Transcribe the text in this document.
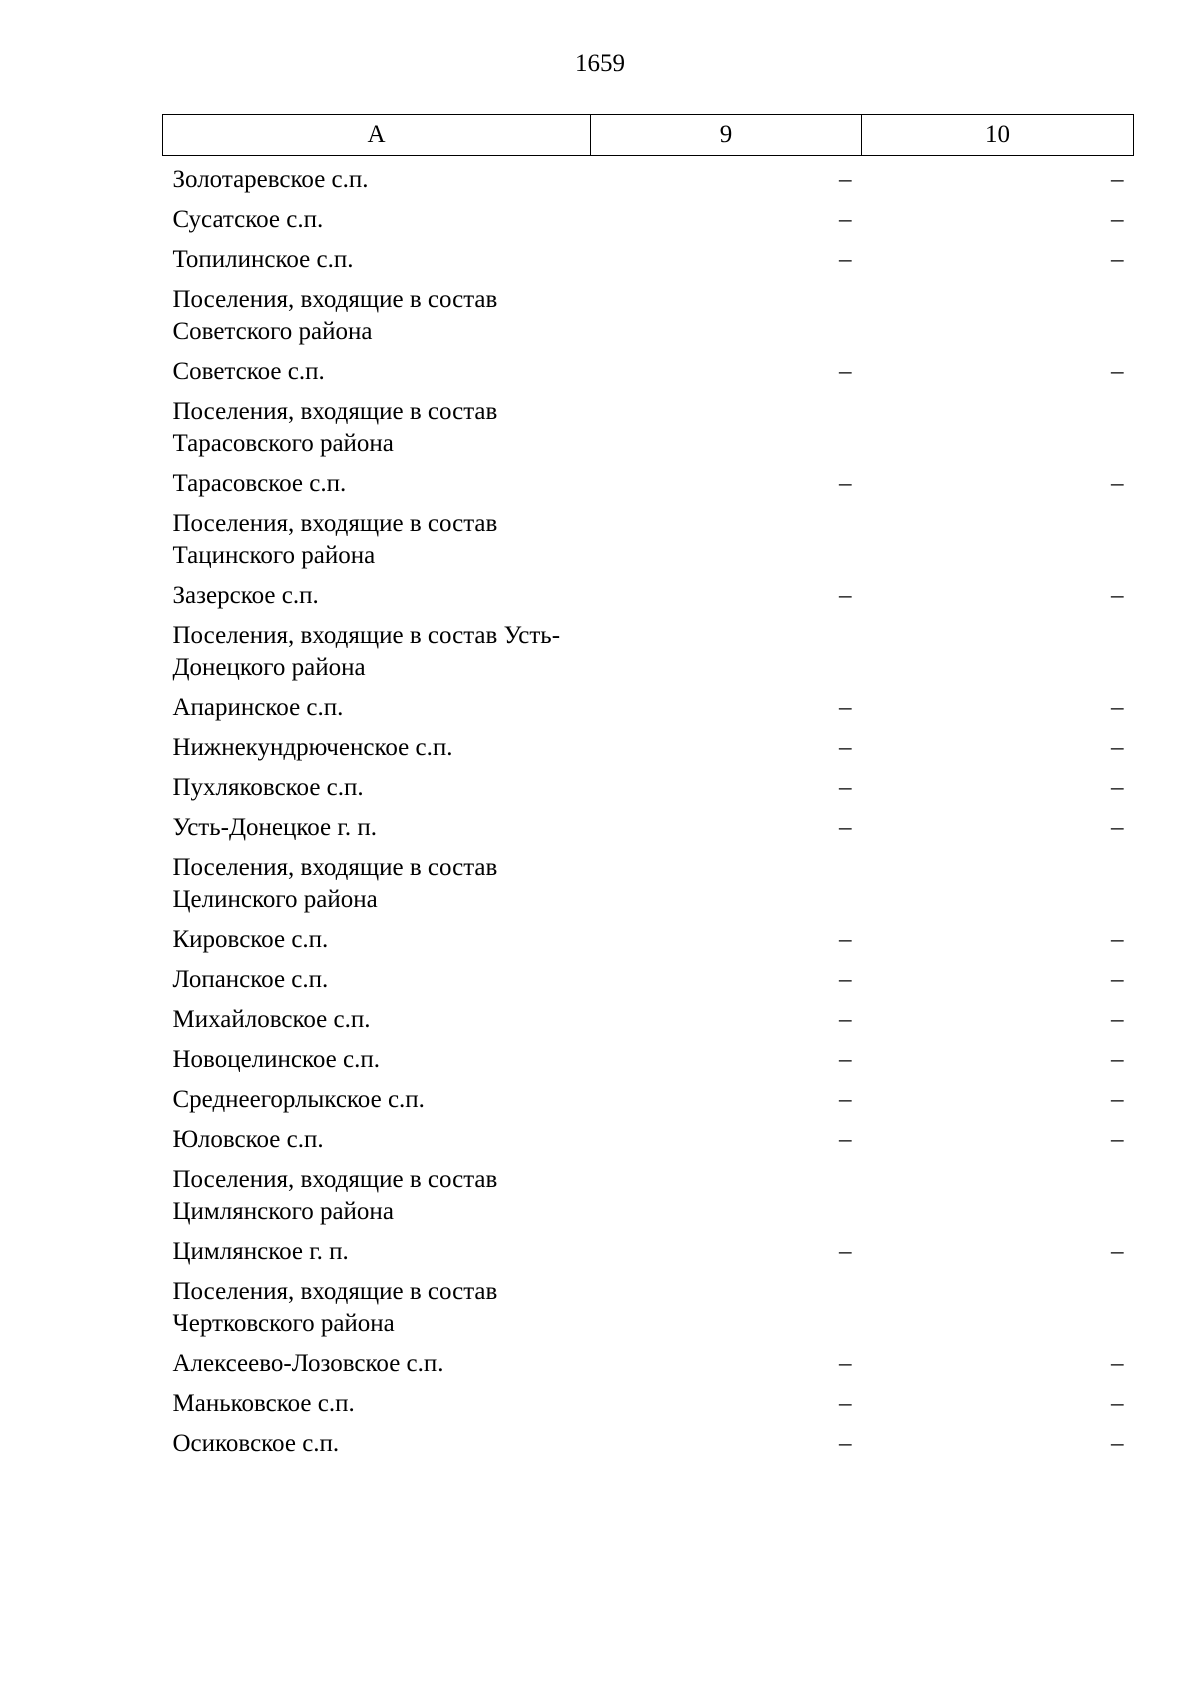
1659
А	9	10
Золотаревское с.п.	–	–
Сусатское с.п.	–	–
Топилинское с.п.	–	–
Поселения, входящие в состав Советского района		
Советское с.п.	–	–
Поселения, входящие в состав Тарасовского района		
Тарасовское с.п.	–	–
Поселения, входящие в состав Тацинского района		
Зазерское с.п.	–	–
Поселения, входящие в состав Усть-Донецкого района		
Апаринское с.п.	–	–
Нижнекундрюченское с.п.	–	–
Пухляковское с.п.	–	–
Усть-Донецкое г. п.	–	–
Поселения, входящие в состав Целинского района		
Кировское с.п.	–	–
Лопанское с.п.	–	–
Михайловское с.п.	–	–
Новоцелинское с.п.	–	–
Среднеегорлыкское с.п.	–	–
Юловское с.п.	–	–
Поселения, входящие в состав Цимлянского района		
Цимлянское г. п.	–	–
Поселения, входящие в состав Чертковского района		
Алексеево-Лозовское с.п.	–	–
Маньковское с.п.	–	–
Осиковское с.п.	–	–
